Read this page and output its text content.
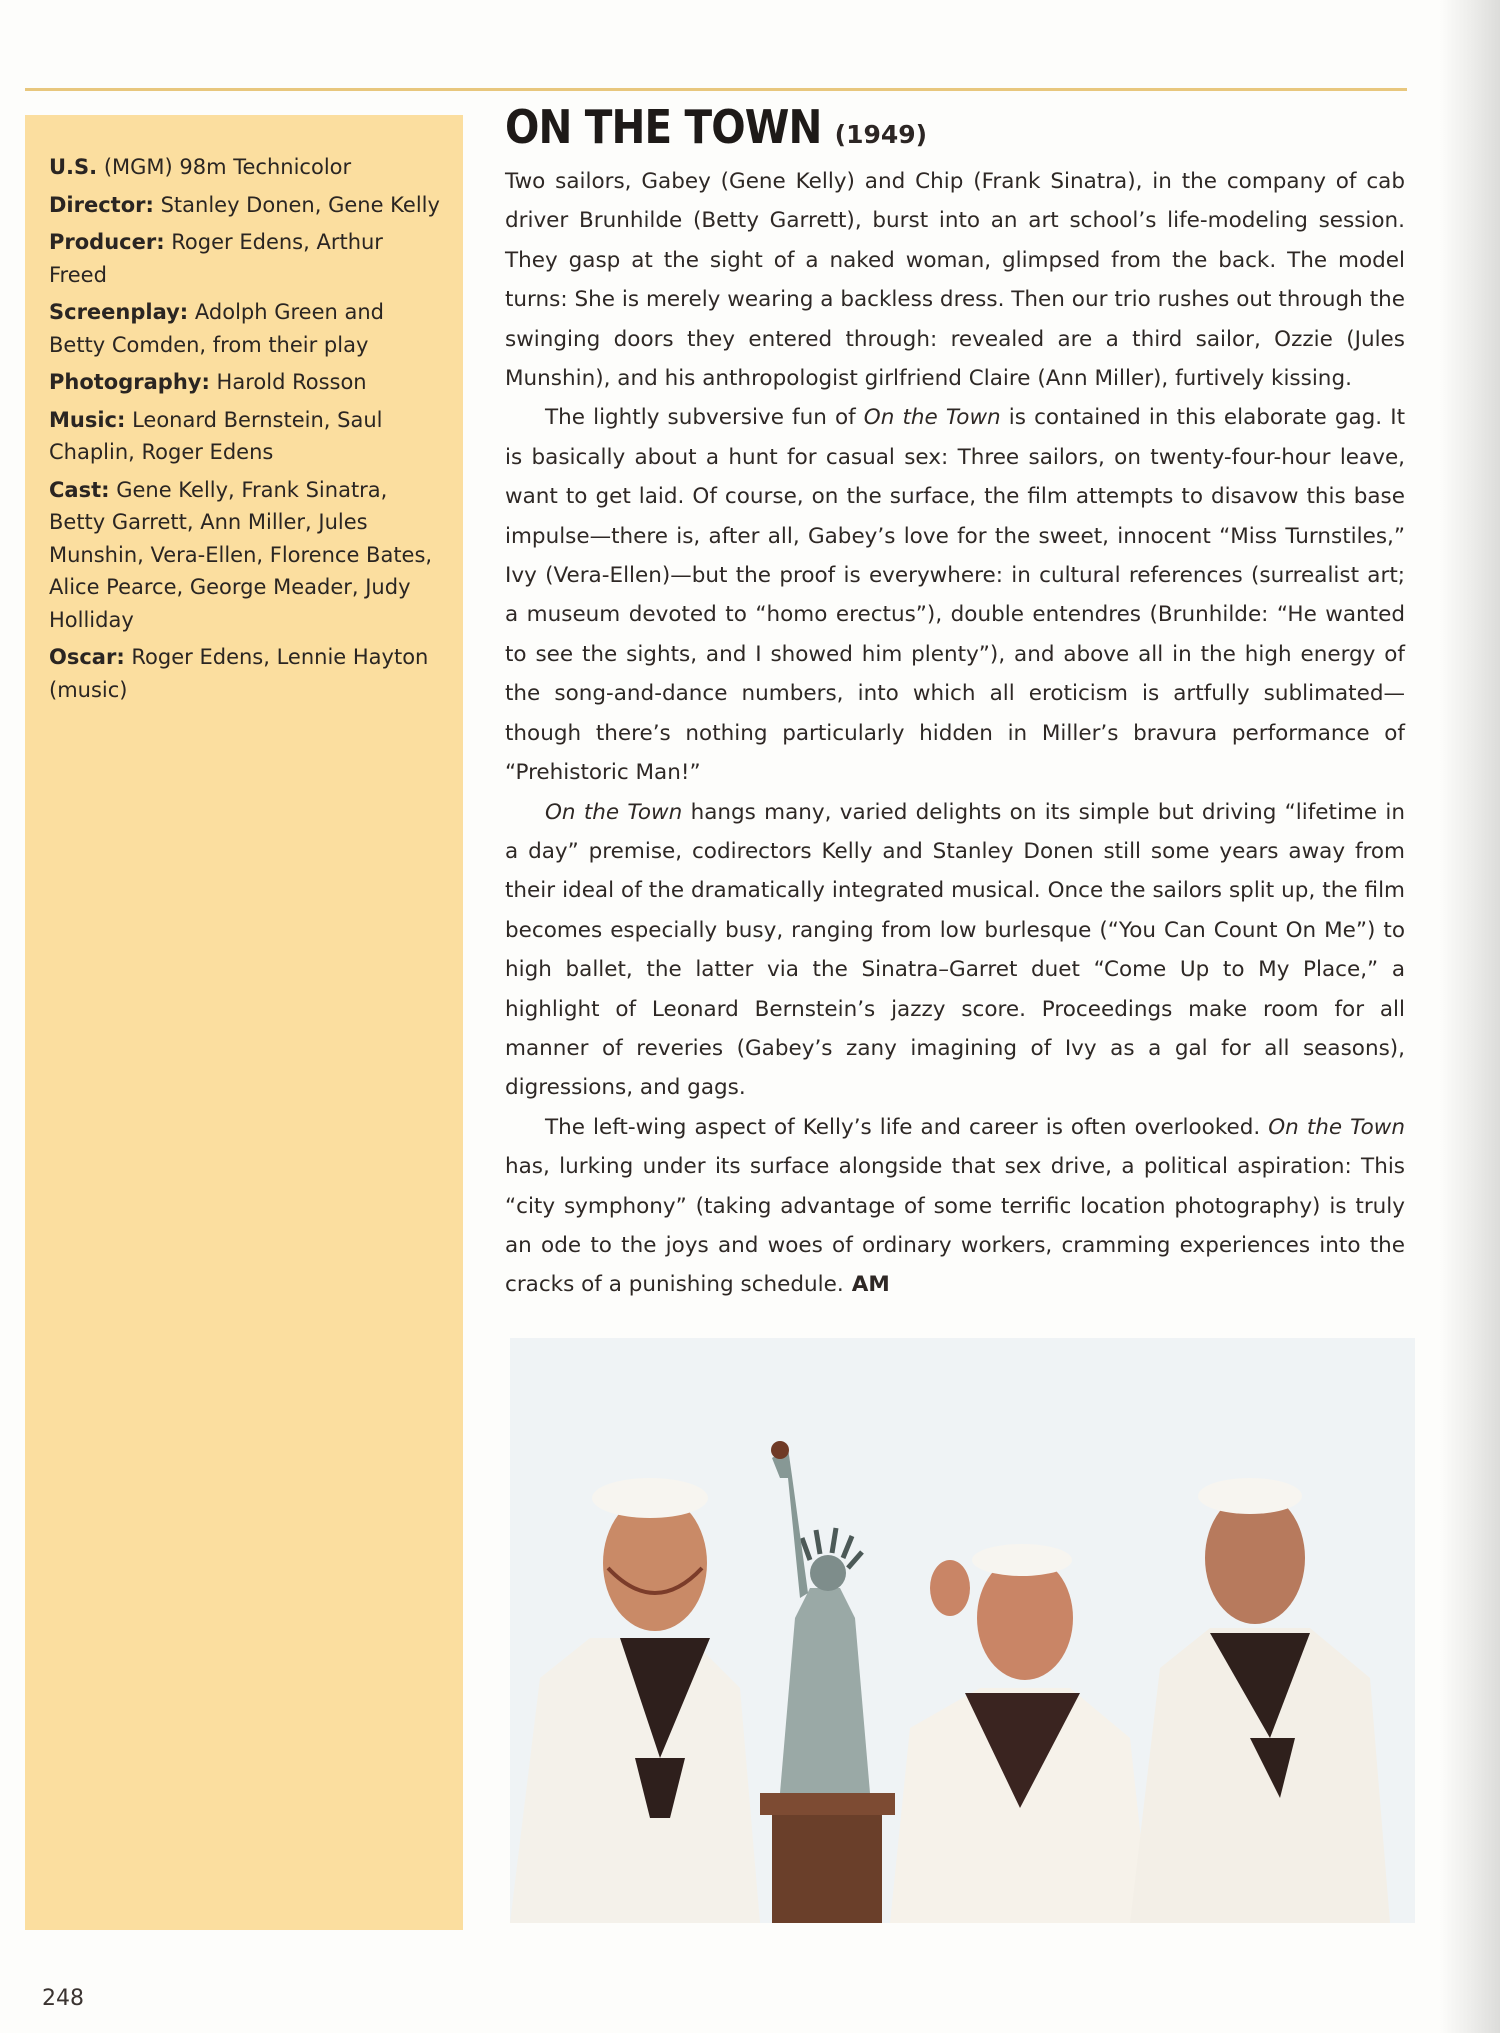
U.S. (MGM) 98m Technicolor
Director: Stanley Donen, Gene Kelly
Producer: Roger Edens, Arthur Freed
Screenplay: Adolph Green and Betty Comden, from their play
Photography: Harold Rosson
Music: Leonard Bernstein, Saul Chaplin, Roger Edens
Cast: Gene Kelly, Frank Sinatra, Betty Garrett, Ann Miller, Jules Munshin, Vera-Ellen, Florence Bates, Alice Pearce, George Meader, Judy Holliday
Oscar: Roger Edens, Lennie Hayton (music)
ON THE TOWN (1949)

Two sailors, Gabey (Gene Kelly) and Chip (Frank Sinatra), in the company of cab driver Brunhilde (Betty Garrett), burst into an art school’s life-modeling session. They gasp at the sight of a naked woman, glimpsed from the back. The model turns: She is merely wearing a backless dress. Then our trio rushes out through the swinging doors they entered through: revealed are a third sailor, Ozzie (Jules Munshin), and his anthropologist girlfriend Claire (Ann Miller), furtively kissing.

The lightly subversive fun of On the Town is contained in this elaborate gag. It is basically about a hunt for casual sex: Three sailors, on twenty-four-hour leave, want to get laid. Of course, on the surface, the film attempts to disavow this base impulse—there is, after all, Gabey’s love for the sweet, innocent “Miss Turnstiles,” Ivy (Vera-Ellen)—but the proof is everywhere: in cultural references (surrealist art; a museum devoted to “homo erectus”), double entendres (Brunhilde: “He wanted to see the sights, and I showed him plenty”), and above all in the high energy of the song-and-dance numbers, into which all eroticism is artfully sublimated—though there’s nothing particularly hidden in Miller’s bravura performance of “Prehistoric Man!”

On the Town hangs many, varied delights on its simple but driving “lifetime in a day” premise, codirectors Kelly and Stanley Donen still some years away from their ideal of the dramatically integrated musical. Once the sailors split up, the film becomes especially busy, ranging from low burlesque (“You Can Count On Me”) to high ballet, the latter via the Sinatra–Garret duet “Come Up to My Place,” a highlight of Leonard Bernstein’s jazzy score. Proceedings make room for all manner of reveries (Gabey’s zany imagining of Ivy as a gal for all seasons), digressions, and gags.

The left-wing aspect of Kelly’s life and career is often overlooked. On the Town has, lurking under its surface alongside that sex drive, a political aspiration: This “city symphony” (taking advantage of some terrific location photography) is truly an ode to the joys and woes of ordinary workers, cramming experiences into the cracks of a punishing schedule. AM

248
